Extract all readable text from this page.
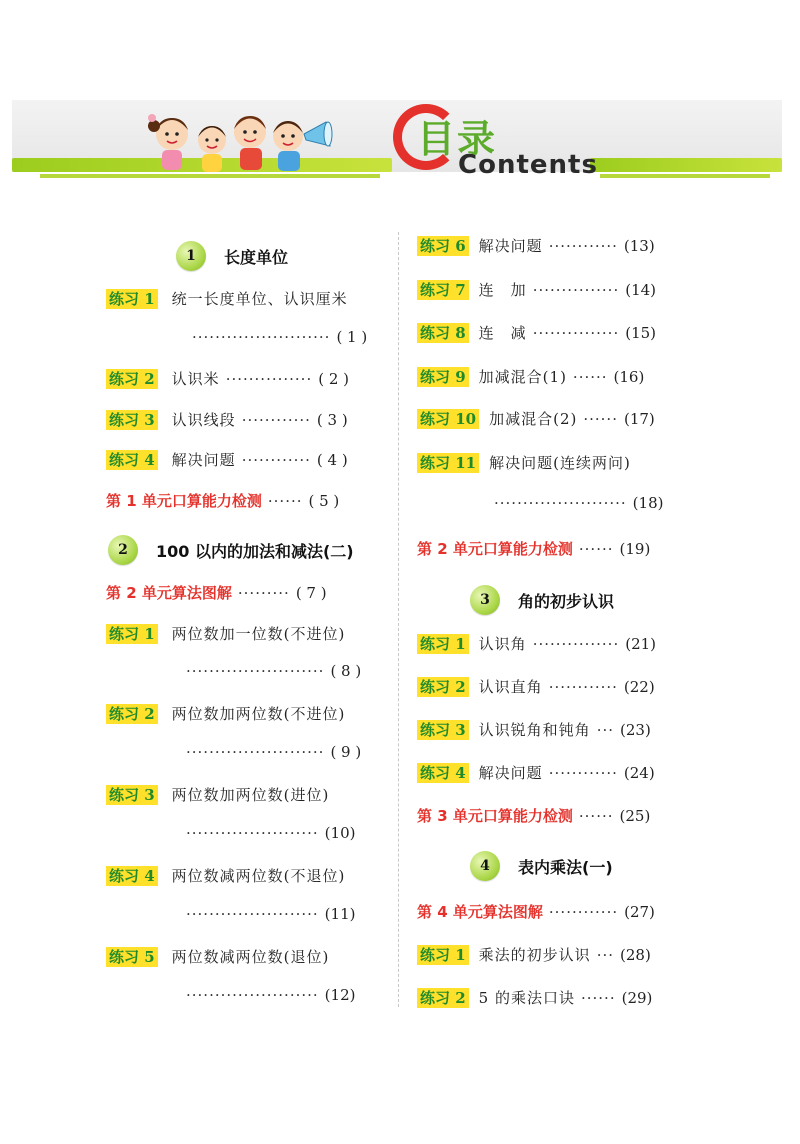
目录
Contents
1	长度单位
练习 1 统一长度单位、认识厘米
························ ( 1 )
练习 2 认识米 ··············· ( 2 )
练习 3 认识线段 ············ ( 3 )
练习 4 解决问题 ············ ( 4 )
第 1 单元口算能力检测 ······ ( 5 )
2	100 以内的加法和减法(二)
第 2 单元算法图解 ········· ( 7 )
练习 1 两位数加一位数(不进位)
························ ( 8 )
练习 2 两位数加两位数(不进位)
························ ( 9 )
练习 3 两位数加两位数(进位)
······················· (10)
练习 4 两位数减两位数(不退位)
······················· (11)
练习 5 两位数减两位数(退位)
······················· (12)
练习 6 解决问题 ············ (13)
练习 7 连　加 ··············· (14)
练习 8 连　减 ··············· (15)
练习 9 加减混合(1) ······ (16)
练习 10 加减混合(2) ······ (17)
练习 11 解决问题(连续两问)
······················· (18)
第 2 单元口算能力检测 ······ (19)
3	角的初步认识
练习 1 认识角 ··············· (21)
练习 2 认识直角 ············ (22)
练习 3 认识锐角和钝角 ··· (23)
练习 4 解决问题 ············ (24)
第 3 单元口算能力检测 ······ (25)
4	表内乘法(一)
第 4 单元算法图解 ············ (27)
练习 1 乘法的初步认识 ··· (28)
练习 2 5 的乘法口诀 ······ (29)
